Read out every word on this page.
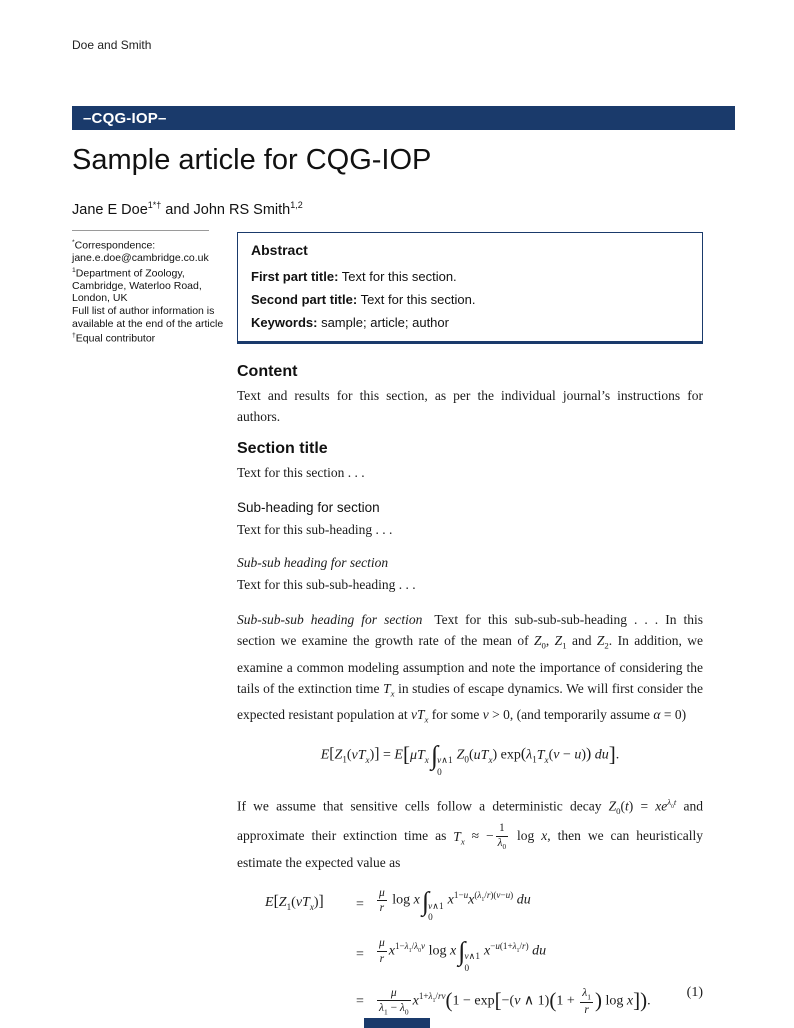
Doe and Smith
–CQG-IOP–
Sample article for CQG-IOP
Jane E Doe$^{1*\dagger}$ and John RS Smith$^{1,2}$
*Correspondence:
jane.e.doe@cambridge.co.uk
$^1$Department of Zoology,
Cambridge, Waterloo Road,
London, UK
Full list of author information is
available at the end of the article
†Equal contributor
Abstract
First part title: Text for this section.
Second part title: Text for this section.
Keywords: sample; article; author
Content

Text and results for this section, as per the individual journal’s instructions for authors.

Section title

Text for this section . . .

Sub-heading for section

Text for this sub-heading . . .

Sub-sub heading for section

Text for this sub-sub-heading . . .

Sub-sub-sub heading for section Text for this sub-sub-sub-heading . . . In this section we examine the growth rate of the mean of $Z_0$, $Z_1$ and $Z_2$. In addition, we examine a common modeling assumption and note the importance of considering the tails of the extinction time $T_x$ in studies of escape dynamics. We will first consider the expected resistant population at $vT_x$ for some v > 0, (and temporarily assume α = 0)

$E[Z_1(vT_x)] = E[\mu T_x\int$ v∧1
0
$Z_0(uT_x) \exp(\lambda_1T_x(v - u))$ du].

If we assume that sensitive cells follow a deterministic decay $Z_0(t) = xe^{\lambda_0t}$ and approximate their extinction time as $T_x$ ≈ − $\frac{1}{\lambda_0}$ log x, then we can heuristically estimate the expected value as

$E[Z_1(vT_x)]$	=	$\frac{\mu}{r}$ log x∫ v∧1
0
$x^{1-u}x^{(\lambda_1/r)(v-u)}$ du
=	$\frac{\mu}{r} x^{1-\lambda_1/\lambda_0v}$ log x∫ v∧1
0
$x^{-u(1+\lambda_1/r)}$ du
=	$\frac{\mu}{\lambda_1 - \lambda_0} x^{1+\lambda_1/rv}(1 - \exp[-(v$ ∧ $1)(1 + \frac{\lambda_1}{r}$ ) log x]).
(1)
